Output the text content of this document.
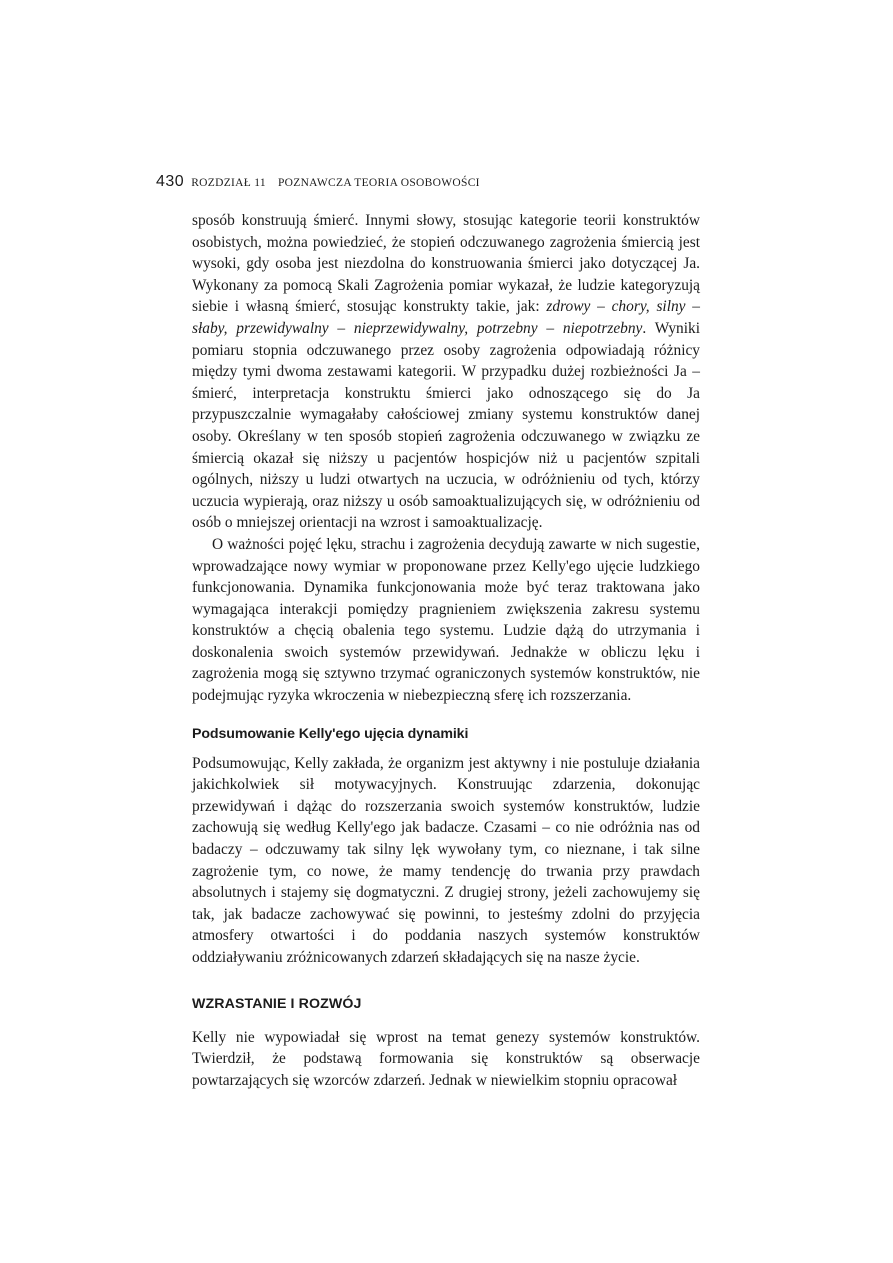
430 ROZDZIAŁ 11 POZNAWCZA TEORIA OSOBOWOŚCI

sposób konstruują śmierć. Innymi słowy, stosując kategorie teorii konstruktów osobistych, można powiedzieć, że stopień odczuwanego zagrożenia śmiercią jest wysoki, gdy osoba jest niezdolna do konstruowania śmierci jako dotyczącej Ja. Wykonany za pomocą Skali Zagrożenia pomiar wykazał, że ludzie kategoryzują siebie i własną śmierć, stosując konstrukty takie, jak: zdrowy – chory, silny – słaby, przewidywalny – nieprzewidywalny, potrzebny – niepotrzebny. Wyniki pomiaru stopnia odczuwanego przez osoby zagrożenia odpowiadają różnicy między tymi dwoma zestawami kategorii. W przypadku dużej rozbieżności Ja – śmierć, interpretacja konstruktu śmierci jako odnoszącego się do Ja przypuszczalnie wymagałaby całościowej zmiany systemu konstruktów danej osoby. Określany w ten sposób stopień zagrożenia odczuwanego w związku ze śmiercią okazał się niższy u pacjentów hospicjów niż u pacjentów szpitali ogólnych, niższy u ludzi otwartych na uczucia, w odróżnieniu od tych, którzy uczucia wypierają, oraz niższy u osób samoaktualizujących się, w odróżnieniu od osób o mniejszej orientacji na wzrost i samoaktualizację.

O ważności pojęć lęku, strachu i zagrożenia decydują zawarte w nich sugestie, wprowadzające nowy wymiar w proponowane przez Kelly'ego ujęcie ludzkiego funkcjonowania. Dynamika funkcjonowania może być teraz traktowana jako wymagająca interakcji pomiędzy pragnieniem zwiększenia zakresu systemu konstruktów a chęcią obalenia tego systemu. Ludzie dążą do utrzymania i doskonalenia swoich systemów przewidywań. Jednakże w obliczu lęku i zagrożenia mogą się sztywno trzymać ograniczonych systemów konstruktów, nie podejmując ryzyka wkroczenia w niebezpieczną sferę ich rozszerzania.

Podsumowanie Kelly'ego ujęcia dynamiki

Podsumowując, Kelly zakłada, że organizm jest aktywny i nie postuluje działania jakichkolwiek sił motywacyjnych. Konstruując zdarzenia, dokonując przewidywań i dążąc do rozszerzania swoich systemów konstruktów, ludzie zachowują się według Kelly'ego jak badacze. Czasami – co nie odróżnia nas od badaczy – odczuwamy tak silny lęk wywołany tym, co nieznane, i tak silne zagrożenie tym, co nowe, że mamy tendencję do trwania przy prawdach absolutnych i stajemy się dogmatyczni. Z drugiej strony, jeżeli zachowujemy się tak, jak badacze zachowywać się powinni, to jesteśmy zdolni do przyjęcia atmosfery otwartości i do poddania naszych systemów konstruktów oddziaływaniu zróżnicowanych zdarzeń składających się na nasze życie.

WZRASTANIE I ROZWÓJ

Kelly nie wypowiadał się wprost na temat genezy systemów konstruktów. Twierdził, że podstawą formowania się konstruktów są obserwacje powtarzających się wzorców zdarzeń. Jednak w niewielkim stopniu opracował
